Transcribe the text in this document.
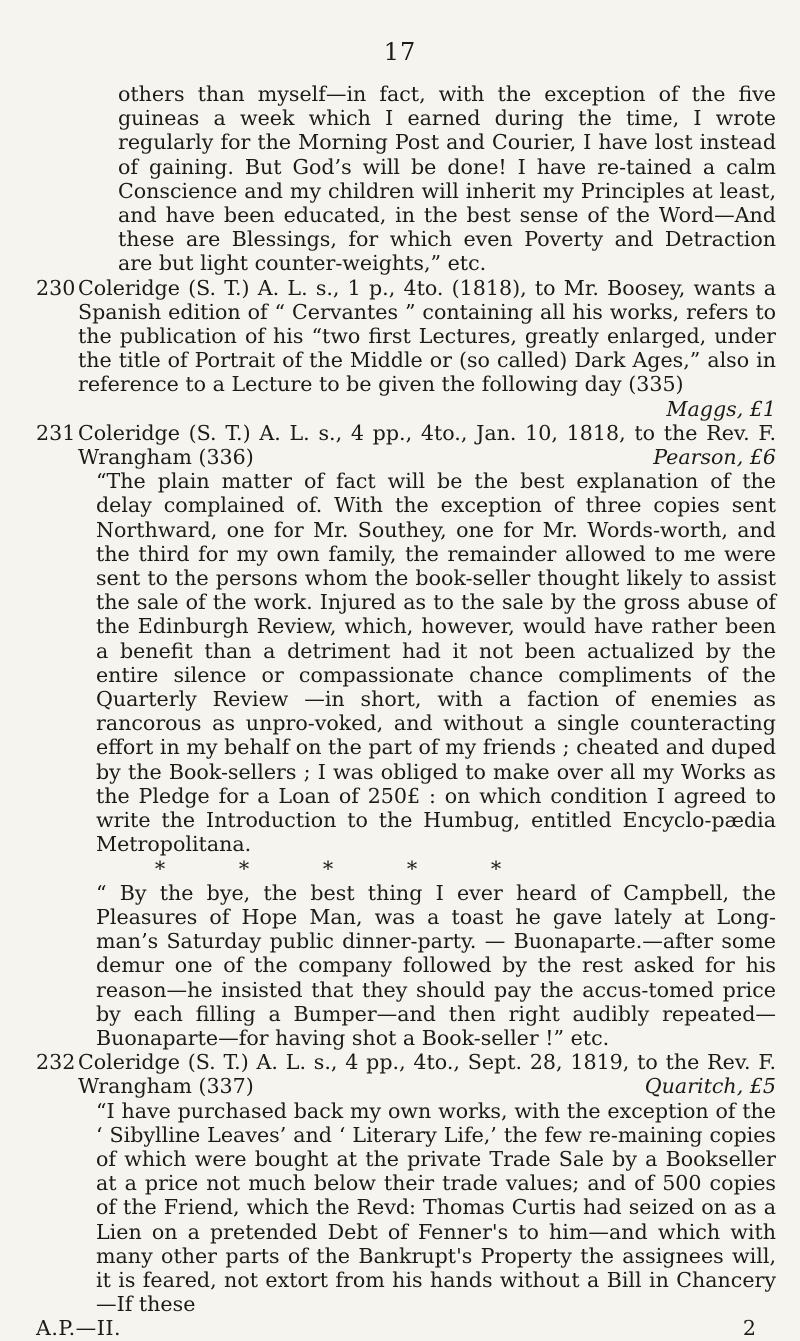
17

others than myself—in fact, with the exception of the five guineas a week which I earned during the time, I wrote regularly for the Morning Post and Courier, I have lost instead of gaining. But God’s will be done! I have re-tained a calm Conscience and my children will inherit my Principles at least, and have been educated, in the best sense of the Word—And these are Blessings, for which even Poverty and Detraction are but light counter-weights,” etc.

230 Coleridge (S. T.) A. L. s., 1 p., 4to. (1818), to Mr. Boosey, wants a Spanish edition of “ Cervantes ” containing all his works, refers to the publication of his “two first Lectures, greatly enlarged, under the title of Portrait of the Middle or (so called) Dark Ages,” also in reference to a Lecture to be given the following day (335)
Maggs, £1

231 Coleridge (S. T.) A. L. s., 4 pp., 4to., Jan. 10, 1818, to the Rev. F. Wrangham (336)	Pearson, £6

“The plain matter of fact will be the best explanation of the delay complained of. With the exception of three copies sent Northward, one for Mr. Southey, one for Mr. Words-worth, and the third for my own family, the remainder allowed to me were sent to the persons whom the book-seller thought likely to assist the sale of the work. Injured as to the sale by the gross abuse of the Edinburgh Review, which, however, would have rather been a benefit than a detriment had it not been actualized by the entire silence or compassionate chance compliments of the Quarterly Review —in short, with a faction of enemies as rancorous as unpro-voked, and without a single counteracting effort in my behalf on the part of my friends ; cheated and duped by the Book-sellers ; I was obliged to make over all my Works as the Pledge for a Loan of 250£ : on which condition I agreed to write the Introduction to the Humbug, entitled Encyclo-pædia Metropolitana.

*	*	*	*	*

“ By the bye, the best thing I ever heard of Campbell, the Pleasures of Hope Man, was a toast he gave lately at Long-man’s Saturday public dinner-party. — Buonaparte.—after some demur one of the company followed by the rest asked for his reason—he insisted that they should pay the accus-tomed price by each filling a Bumper—and then right audibly repeated—Buonaparte—for having shot a Book-seller !” etc.

232 Coleridge (S. T.) A. L. s., 4 pp., 4to., Sept. 28, 1819, to the Rev. F. Wrangham (337)	Quaritch, £5

“I have purchased back my own works, with the exception of the ‘ Sibylline Leaves’ and ‘ Literary Life,’ the few re-maining copies of which were bought at the private Trade Sale by a Bookseller at a price not much below their trade values; and of 500 copies of the Friend, which the Revd: Thomas Curtis had seized on as a Lien on a pretended Debt of Fenner's to him—and which with many other parts of the Bankrupt's Property the assignees will, it is feared, not extort from his hands without a Bill in Chancery—If these

A.P.—II.	2
